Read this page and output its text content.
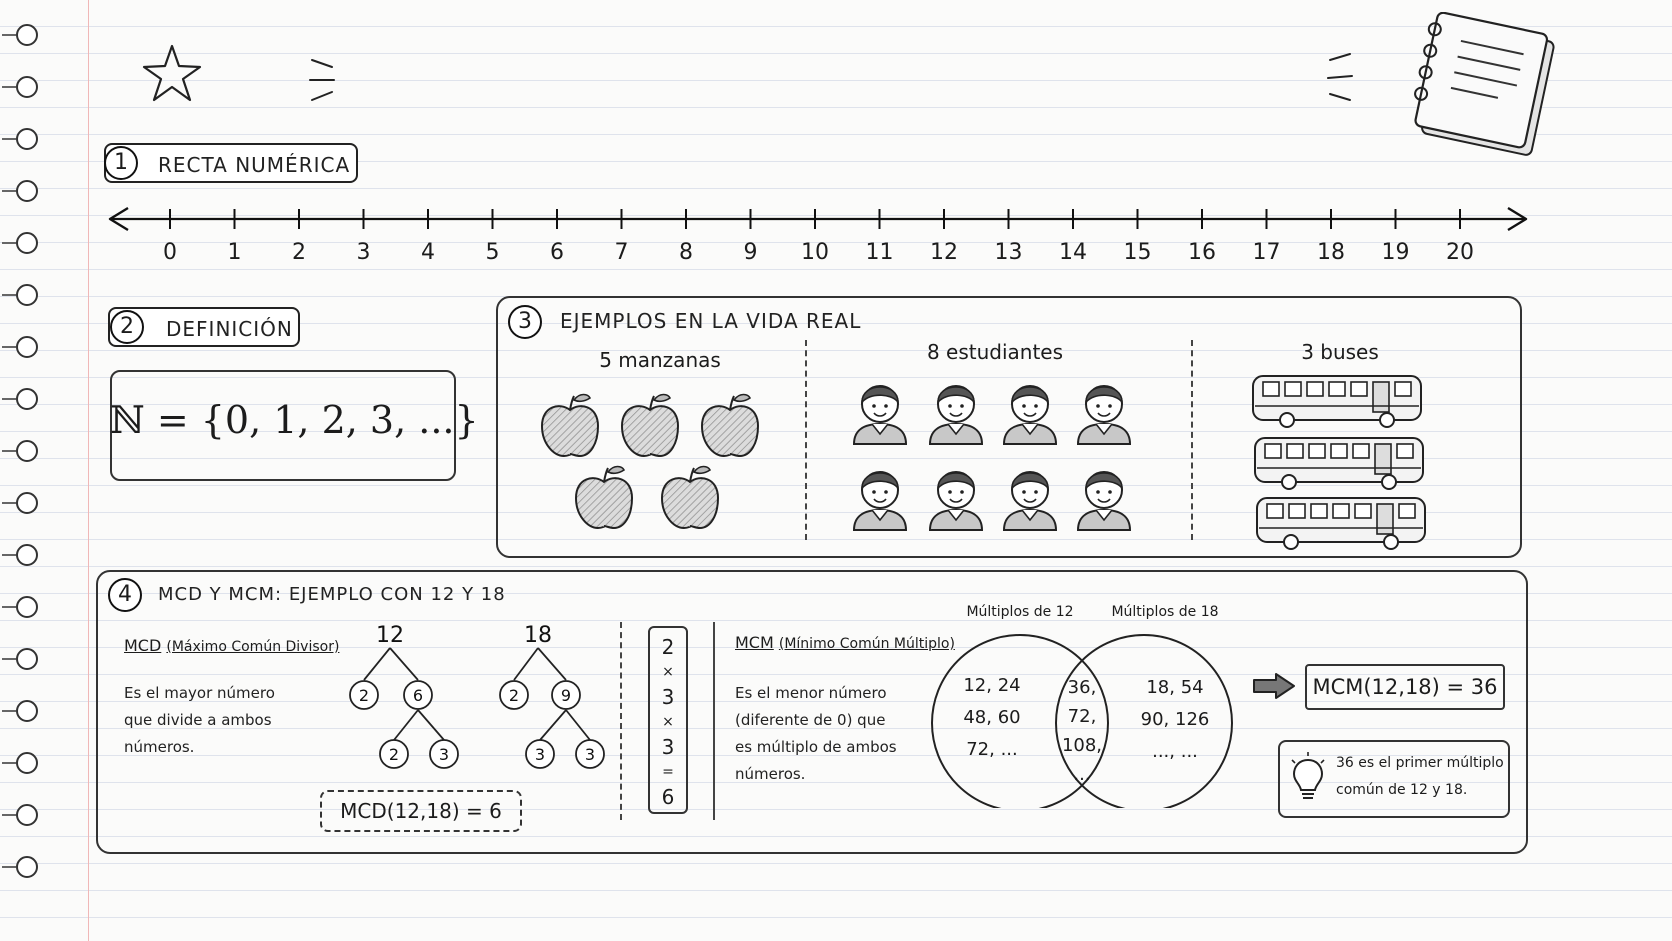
1	RECTA NUMÉRICA
0	1	2	3	4	5	6	7	8	9	10 11 12 13 14 15 16 17 18 19 20
2	DEFINICIÓN
ℕ = {0, 1, 2, 3, ...}
3	EJEMPLOS EN LA VIDA REAL
5 manzanas	8 estudiantes	3 buses
4	MCD Y MCM: EJEMPLO CON 12 Y 18
MCD (Máximo Común Divisor)
Es el mayor número
que divide a ambos
números.
12
2	6
2 3
18
2	9
3 3
MCD(12,18) = 6
2
×
3
×
3
=
6
MCM (Mínimo Común Múltiplo)
Es el menor número
(diferente de 0) que
es múltiplo de ambos
números.
Múltiplos de 12	Múltiplos de 18
12, 24
48, 60
72, ...
36,
72,
108,
...
18, 54
90, 126
..., ...
MCM(12,18) = 36
36 es el primer múltiplo
común de 12 y 18.
